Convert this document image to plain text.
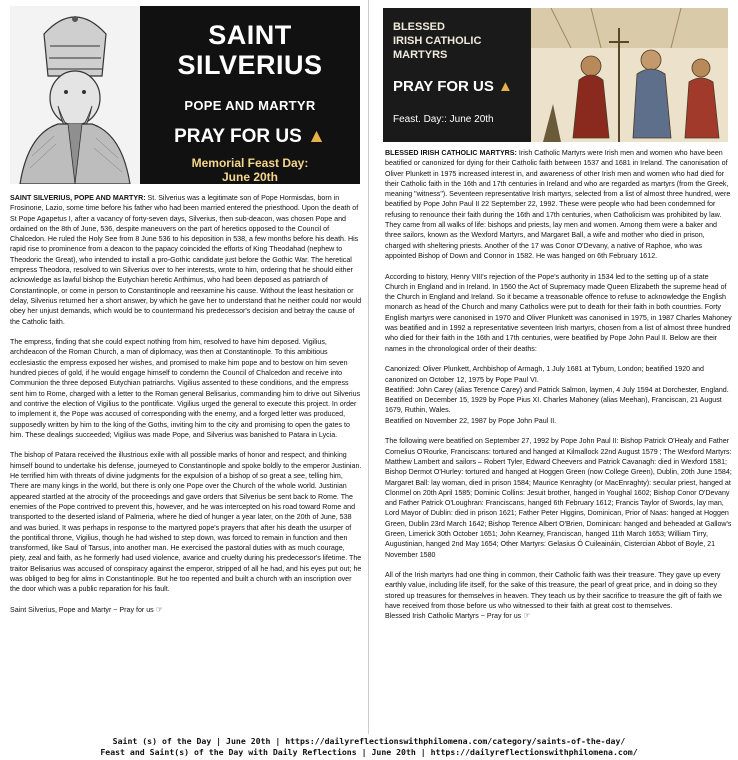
SAINT
SILVERIUS
POPE AND MARTYR
PRAY FOR US ▲
Memorial Feast Day:
June 20th

SAINT SILVERIUS, POPE AND MARTYR: St. Silverius was a legitimate son of Pope Hormisdas, born in Frosinone, Lazio, some time before his father who had been married entered the priesthood. Upon the death of St Pope Agapetus I, after a vacancy of forty-seven days, Silverius, then sub-deacon, was chosen Pope and ordained on the 8th of June, 536, despite maneuvers on the part of heretics opposed to the Council of Chalcedon. He ruled the Holy See from 8 June 536 to his deposition in 538, a few months before his death. His rapid rise to prominence from a deacon to the papacy coincided the efforts of King Theodahad (nephew to Theodoric the Great), who intended to install a pro-Gothic candidate just before the Gothic War. The heretical empress Theodora, resolved to win Silverius over to her interests, wrote to him, ordering that he should either acknowledge as lawful bishop the Eutychian heretic Anthimus, who had been deposed as patriarch of Constantinople, or come in person to Constantinople and reexamine his cause. Without the least hesitation or delay, Silverius returned her a short answer, by which he gave her to understand that he neither could nor would obey her unjust demands, which would be to countermand his predecessor's decision and betray the cause of the Catholic faith.

The empress, finding that she could expect nothing from him, resolved to have him deposed. Vigilius, archdeacon of the Roman Church, a man of diplomacy, was then at Constantinople. To this ambitious ecclesiastic the empress exposed her wishes, and promised to make him pope and to bestow on him seven hundred pieces of gold, if he would engage himself to condemn the Council of Chalcedon and receive into Communion the three deposed Eutychian patriarchs. Vigilius assented to these conditions, and the empress sent him to Rome, charged with a letter to the Roman general Belisarius, commanding him to drive out Silverius and contrive the election of Vigilius to the pontificate. Vigilius urged the general to execute this project. In order to implement it, the Pope was accused of corresponding with the enemy, and a forged letter was produced, supposedly written by him to the king of the Goths, inviting him to the city and promising to open the gates to him. These dealings succeeded; Vigilius was made Pope, and Silverius was banished to Patara in Lycia.

The bishop of Patara received the illustrious exile with all possible marks of honor and respect, and thinking himself bound to undertake his defense, journeyed to Constantinople and spoke boldly to the emperor Justinian. He terrified him with threats of divine judgments for the expulsion of a bishop of so great a see, telling him, There are many kings in the world, but there is only one Pope over the Church of the whole world. Justinian appeared startled at the atrocity of the proceedings and gave orders that Silverius be sent back to Rome. The enemies of the Pope contrived to prevent this, however, and he was intercepted on his road toward Rome and transported to the deserted island of Palmeria, where he died of hunger a year later, on the 20th of June, 538 and was buried. It was perhaps in response to the martyred pope's prayers that after his death the usurper of the pontifical throne, Vigilius, though he had wished to step down, was forced to remain in function and then transformed, like Saul of Tarsus, into another man. He exercised the pastoral duties with as much courage, piety, zeal and faith, as he formerly had used violence, avarice and cruelty during his predecessor's lifetime. The traitor Belisarius was accused of conspiracy against the emperor, stripped of all he had, and his eyes put out; he was obliged to beg for alms in Constantinople. But he too repented and built a church with an inscription over the door which was a public reparation for his fault.

Saint Silverius, Pope and Martyr ~ Pray for us ☞

BLESSED
IRISH CATHOLIC
MARTYRS
PRAY FOR US ▲
Feast. Day:: June 20th

BLESSED IRISH CATHOLIC MARTYRS: Irish Catholic Martyrs were Irish men and women who have been beatified or canonized for dying for their Catholic faith between 1537 and 1681 in Ireland. The canonisation of Oliver Plunkett in 1975 increased interest in, and awareness of other Irish men and women who had died for their Catholic faith in the 16th and 17th centuries in Ireland and who are regarded as martyrs (from the Greek, meaning "witness"). Seventeen representative Irish martyrs, selected from a list of almost three hundred, were beatified by Pope John Paul II 22 September 22, 1992. These were people who had been condemned for refusing to renounce their faith during the 16th and 17th centuries, when Catholicism was prohibited by law. They came from all walks of life: bishops and priests, lay men and women. Among them were a baker and three sailors, known as the Wexford Martyrs, and Margaret Ball, a wife and mother who died in prison, charged with sheltering priests. Another of the 17 was Conor O'Devany, a native of Raphoe, who was appointed Bishop of Down and Connor in 1582. He was hanged on 6th February 1612.

According to history, Henry VIII's rejection of the Pope's authority in 1534 led to the setting up of a state Church in England and in Ireland. In 1560 the Act of Supremacy made Queen Elizabeth the supreme head of the Church in England and Ireland. So it became a treasonable offence to refuse to acknowledge the English monarch as head of the Church and many Catholics were put to death for their faith in both countries. Forty English martyrs were canonised in 1970 and Oliver Plunkett was canonised in 1975, in 1987 Charles Mahoney was beatified and in 1992 a representative seventeen Irish martyrs, chosen from a list of almost three hundred who died for their faith in the 16th and 17th centuries, were beatified by Pope John Paul II. Below are their names in the chronological order of their deaths:

Canonized: Oliver Plunkett, Archbishop of Armagh, 1 July 1681 at Tyburn, London; beatified 1920 and canonized on October 12, 1975 by Pope Paul VI.
Beatified: John Carey (alias Terence Carey) and Patrick Salmon, laymen, 4 July 1594 at Dorchester, England. Beatified on December 15, 1929 by Pope Pius XI. Charles Mahoney (alias Meehan), Franciscan, 21 August 1679, Ruthin, Wales.
Beatified on November 22, 1987 by Pope John Paul II.

The following were beatified on September 27, 1992 by Pope John Paul II: Bishop Patrick O'Healy and Father Cornelius O'Rourke, Franciscans: tortured and hanged at Kilmallock 22nd August 1579 ; The Wexford Martyrs: Matthew Lambert and sailors – Robert Tyler, Edward Cheevers and Patrick Cavanagh: died in Wexford 1581; Bishop Dermot O'Hurley: tortured and hanged at Hoggen Green (now College Green), Dublin, 20th June 1584; Margaret Ball: lay woman, died in prison 1584; Maurice Kenraghty (or MacEnraghty): secular priest, hanged at Clonmel on 20th April 1585; Dominic Collins: Jesuit brother, hanged in Youghal 1602; Bishop Conor O'Devany and Father Patrick O'Loughran: Franciscans, hanged 6th February 1612; Francis Taylor of Swords, lay man, Lord Mayor of Dublin: died in prison 1621; Father Peter Higgins, Dominican, Prior of Naas: hanged at Hoggen Green, Dublin 23rd March 1642; Bishop Terence Albert O'Brien, Dominican: hanged and beheaded at Gallow's Green, Limerick 30th October 1651; John Kearney, Franciscan, hanged 11th March 1653; William Tirry, Augustinian, hanged 2nd May 1654; Other Martyrs: Gelasius Ó Cuileaináin, Cistercian Abbot of Boyle, 21 November 1580

All of the Irish martyrs had one thing in common, their Catholic faith was their treasure. They gave up every earthly value, including life itself, for the sake of this treasure, the pearl of great price, and in doing so they stored up treasures for themselves in heaven. They teach us by their sacrifice to treasure the gift of faith we have received from those before us who witnessed to their faith at great cost to themselves.
Blessed Irish Catholic Martyrs ~ Pray for us ☞

Saint (s) of the Day | June 20th | https://dailyreflectionswithphilomena.com/category/saints-of-the-day/
Feast and Saint(s) of the Day with Daily Reflections | June 20th | https://dailyreflectionswithphilomena.com/
